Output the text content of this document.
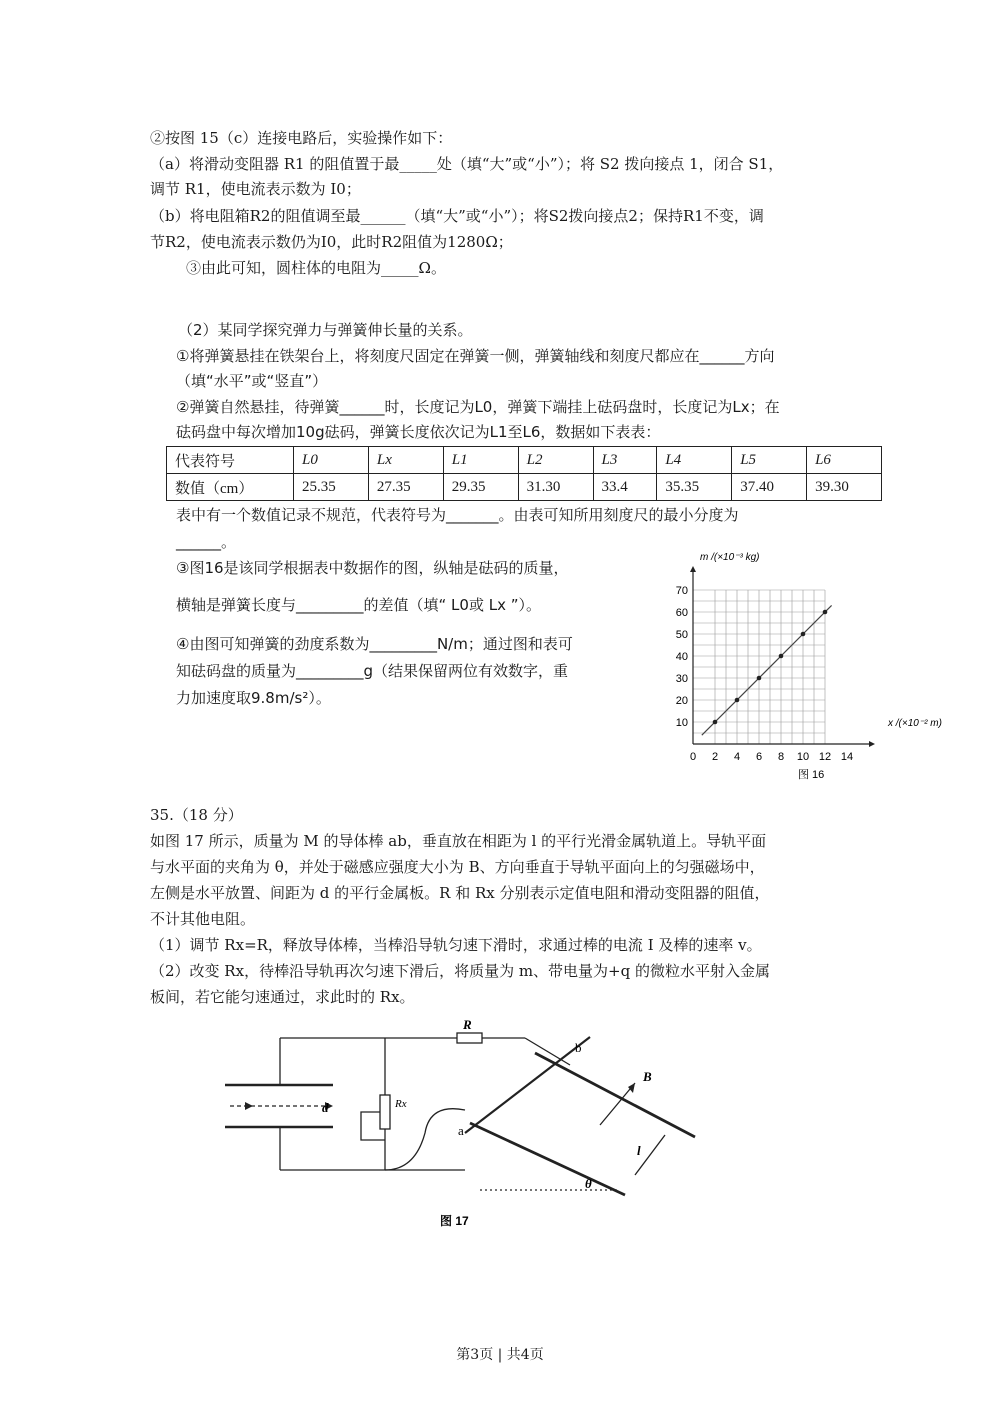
②按图 15（c）连接电路后，实验操作如下：
（a）将滑动变阻器 R1 的阻值置于最_____处（填“大”或“小”）；将 S2 拨向接点 1，闭合 S1，
调节 R1，使电流表示数为 I0；
（b）将电阻箱R2的阻值调至最______（填“大”或“小”）；将S2拨向接点2；保持R1不变，调
节R2，使电流表示数仍为I0，此时R2阻值为1280Ω；
③由此可知，圆柱体的电阻为_____Ω。
（2）某同学探究弹力与弹簧伸长量的关系。
①将弹簧悬挂在铁架台上，将刻度尺固定在弹簧一侧，弹簧轴线和刻度尺都应在______方向
（填“水平”或“竖直”）
②弹簧自然悬挂，待弹簧______时，长度记为L0，弹簧下端挂上砝码盘时，长度记为Lx；在
砝码盘中每次增加10g砝码，弹簧长度依次记为L1至L6，数据如下表表：
代表符号	L0	Lx	L1	L2	L3	L4	L5	L6
数值（cm）	25.35	27.35	29.35	31.30	33.4	35.35	37.40	39.30
表中有一个数值记录不规范，代表符号为_______。由表可知所用刻度尺的最小分度为
______。
③图16是该同学根据表中数据作的图，纵轴是砝码的质量，
横轴是弹簧长度与_________的差值（填“ L0或 Lx ”）。
④由图可知弹簧的劲度系数为_________N/m；通过图和表可
知砝码盘的质量为_________g（结果保留两位有效数字，重
力加速度取9.8m/s²）。
0 2 4 6 8 10 12 14
10
20
30
40
50
60
70
m /(×10⁻³ kg)
x /(×10⁻² m)
图 16
35.（18 分）
如图 17 所示，质量为 M 的导体棒 ab，垂直放在相距为 l 的平行光滑金属轨道上。导轨平面
与水平面的夹角为 θ，并处于磁感应强度大小为 B、方向垂直于导轨平面向上的匀强磁场中，
左侧是水平放置、间距为 d 的平行金属板。R 和 Rx 分别表示定值电阻和滑动变阻器的阻值，
不计其他电阻。
（1）调节 Rx=R，释放导体棒，当棒沿导轨匀速下滑时，求通过棒的电流 I 及棒的速率 v。
（2）改变 Rx，待棒沿导轨再次匀速下滑后，将质量为 m、带电量为+q 的微粒水平射入金属
板间，若它能匀速通过，求此时的 Rx。
R
Rx
b
a
B
l
d
θ
图 17
第3页 | 共4页
